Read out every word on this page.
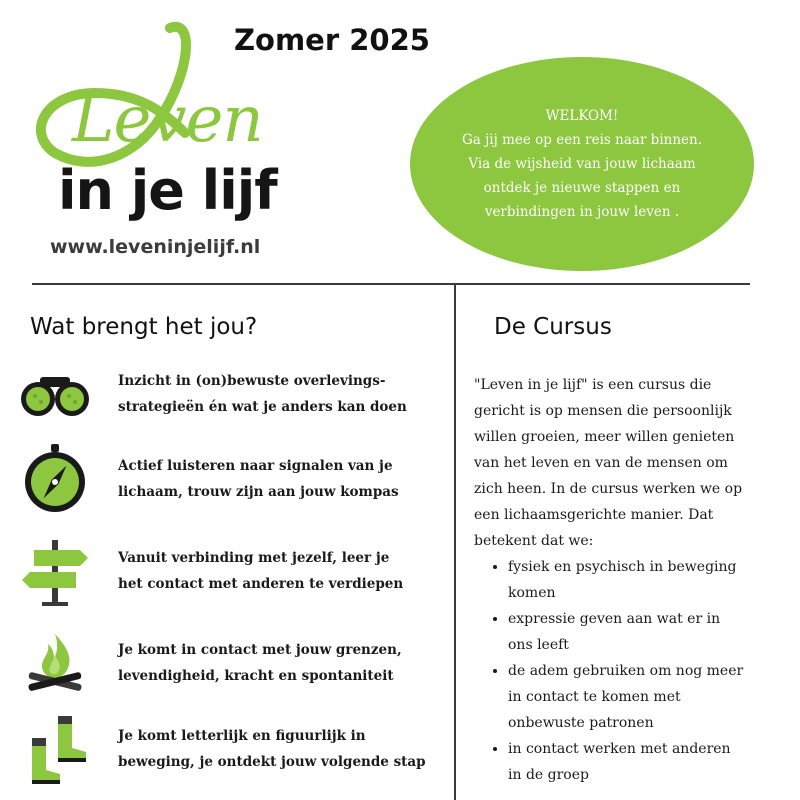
Leven
in je lijf
www.leveninjelijf.nl
Zomer 2025
WELKOM!
Ga jij mee op een reis naar binnen.
Via de wijsheid van jouw lichaam
ontdek je nieuwe stappen en
verbindingen in jouw leven .
Wat brengt het jou?
Inzicht in (on)bewuste overlevings-
strategieën én wat je anders kan doen
Actief luisteren naar signalen van je
lichaam, trouw zijn aan jouw kompas
Vanuit verbinding met jezelf, leer je
het contact met anderen te verdiepen
Je komt in contact met jouw grenzen,
levendigheid, kracht en spontaniteit
Je komt letterlijk en figuurlijk in
beweging, je ontdekt jouw volgende stap
De Cursus
"Leven in je lijf" is een cursus die
gericht is op mensen die persoonlijk
willen groeien, meer willen genieten
van het leven en van de mensen om
zich heen. In de cursus werken we op
een lichaamsgerichte manier. Dat
betekent dat we:
• fysiek en psychisch in beweging
komen
• expressie geven aan wat er in
ons leeft
• de adem gebruiken om nog meer
in contact te komen met
onbewuste patronen
• in contact werken met anderen
in de groep
